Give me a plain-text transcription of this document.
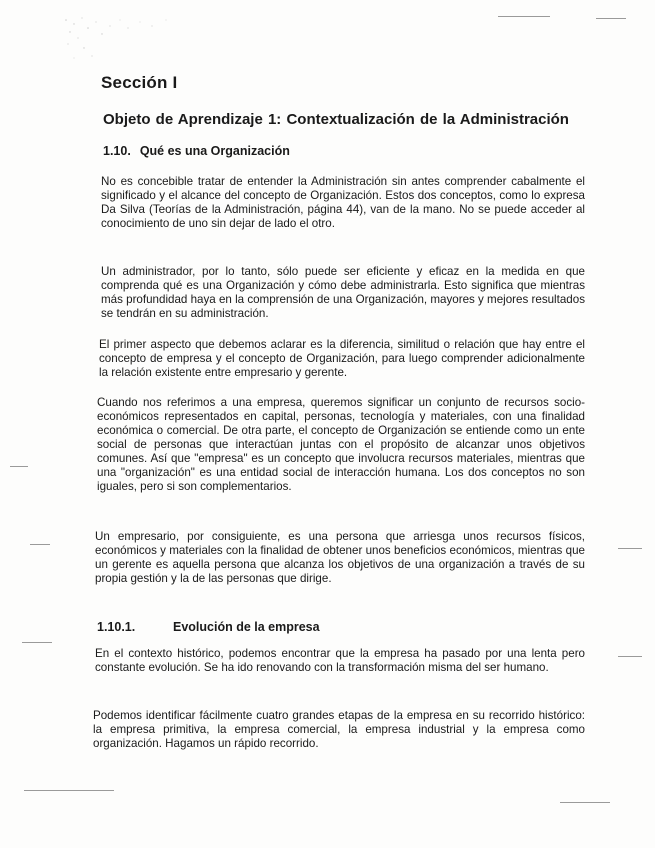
Sección I
Objeto de Aprendizaje 1: Contextualización de la Administración
1.10. Qué es una Organización

No es concebible tratar de entender la Administración sin antes comprender cabalmente el significado y el alcance del concepto de Organización. Estos dos conceptos, como lo expresa Da Silva (Teorías de la Administración, página 44), van de la mano. No se puede acceder al conocimiento de uno sin dejar de lado el otro.

Un administrador, por lo tanto, sólo puede ser eficiente y eficaz en la medida en que comprenda qué es una Organización y cómo debe administrarla. Esto significa que mientras más profundidad haya en la comprensión de una Organización, mayores y mejores resultados se tendrán en su administración.

El primer aspecto que debemos aclarar es la diferencia, similitud o relación que hay entre el concepto de empresa y el concepto de Organización, para luego comprender adicionalmente la relación existente entre empresario y gerente.

Cuando nos referimos a una empresa, queremos significar un conjunto de recursos socio-económicos representados en capital, personas, tecnología y materiales, con una finalidad económica o comercial. De otra parte, el concepto de Organización se entiende como un ente social de personas que interactúan juntas con el propósito de alcanzar unos objetivos comunes. Así que "empresa" es un concepto que involucra recursos materiales, mientras que una "organización" es una entidad social de interacción humana. Los dos conceptos no son iguales, pero si son complementarios.

Un empresario, por consiguiente, es una persona que arriesga unos recursos físicos, económicos y materiales con la finalidad de obtener unos beneficios económicos, mientras que un gerente es aquella persona que alcanza los objetivos de una organización a través de su propia gestión y la de las personas que dirige.

1.10.1.	Evolución de la empresa

En el contexto histórico, podemos encontrar que la empresa ha pasado por una lenta pero constante evolución. Se ha ido renovando con la transformación misma del ser humano.

Podemos identificar fácilmente cuatro grandes etapas de la empresa en su recorrido histórico: la empresa primitiva, la empresa comercial, la empresa industrial y la empresa como organización. Hagamos un rápido recorrido.
